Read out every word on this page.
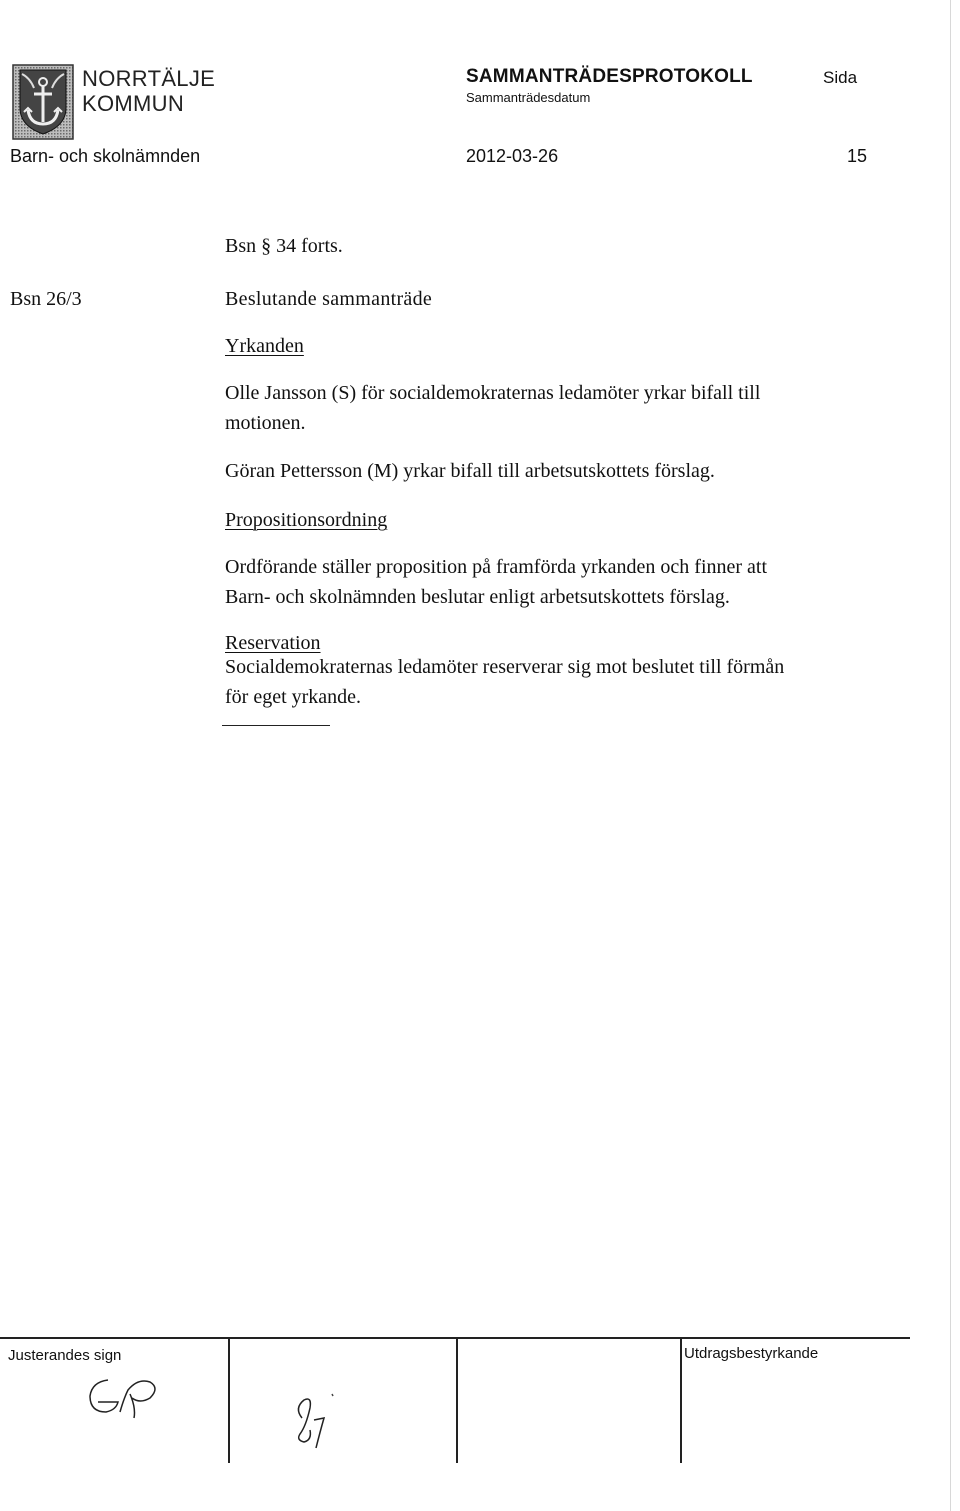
NORRTÄLJE
KOMMUN
SAMMANTRÄDESPROTOKOLL
Sammanträdesdatum
Sida
Barn- och skolnämnden	2012-03-26	15
Bsn § 34 forts.
Bsn 26/3	Beslutande sammanträde
Yrkanden
Olle Jansson (S) för socialdemokraternas ledamöter yrkar bifall till
motionen.
Göran Pettersson (M) yrkar bifall till arbetsutskottets förslag.
Propositionsordning
Ordförande ställer proposition på framförda yrkanden och finner att
Barn- och skolnämnden beslutar enligt arbetsutskottets förslag.
Reservation
Socialdemokraternas ledamöter reserverar sig mot beslutet till förmån
för eget yrkande.
Justerandes sign	Utdragsbestyrkande
